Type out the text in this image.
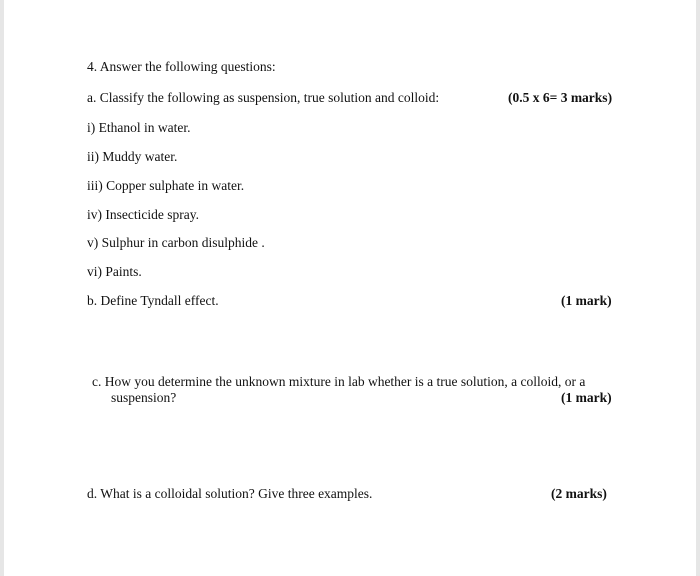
4. Answer the following questions:
a. Classify the following as suspension, true solution and colloid:	(0.5 x 6= 3 marks)
i) Ethanol in water.
ii) Muddy water.
iii) Copper sulphate in water.
iv) Insecticide spray.
v) Sulphur in carbon disulphide .
vi) Paints.
b. Define Tyndall effect.	(1 mark)
c. How you determine the unknown mixture in lab whether is a true solution, a colloid, or a
suspension?	(1 mark)
d. What is a colloidal solution? Give three examples.	(2 marks)
